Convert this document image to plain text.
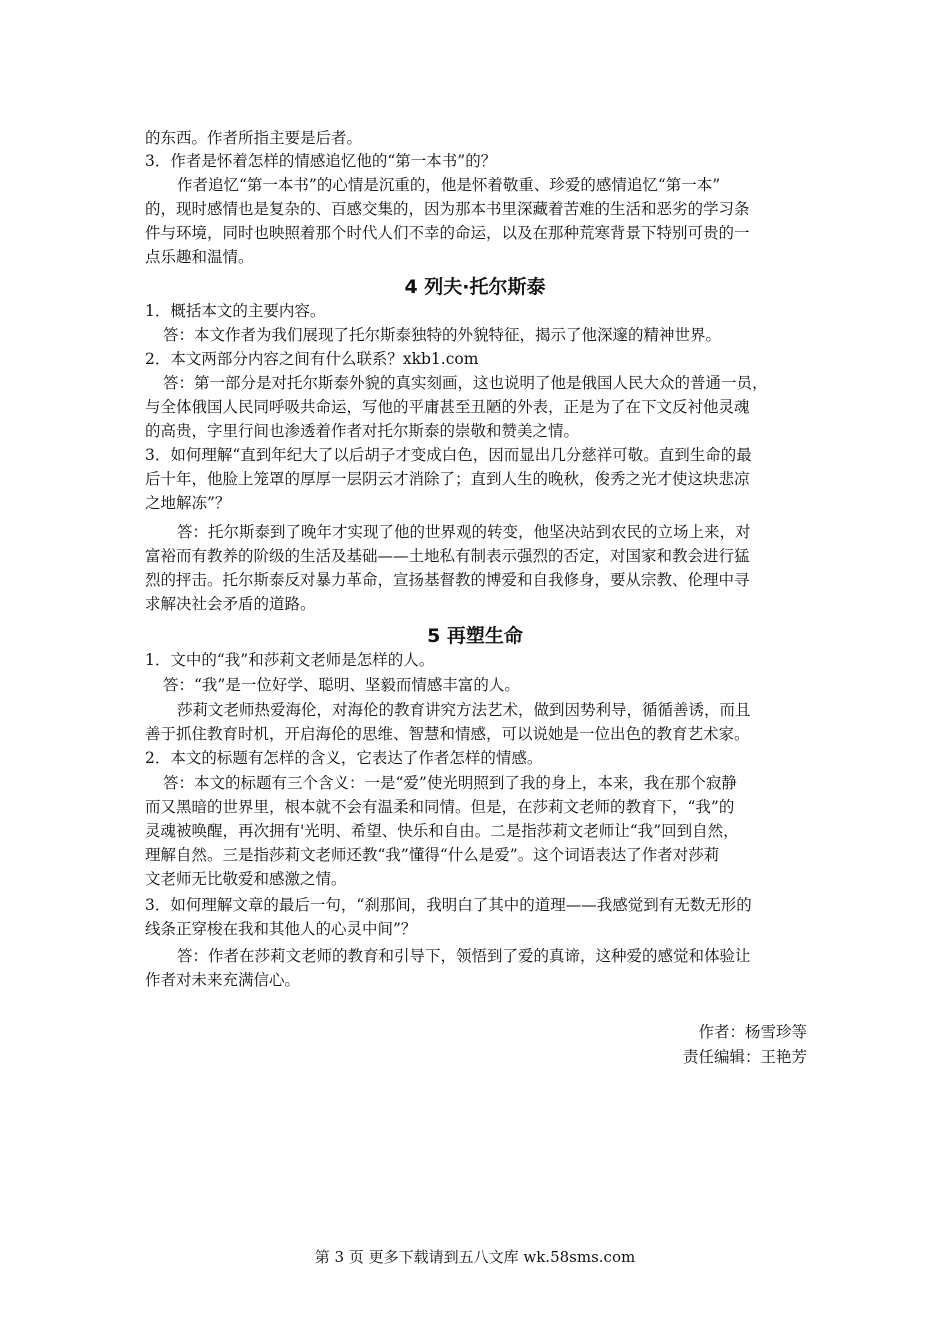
的东西。作者所指主要是后者。
3．作者是怀着怎样的情感追忆他的“第一本书”的？
作者追忆“第一本书”的心情是沉重的，他是怀着敬重、珍爱的感情追忆“第一本”
的，现时感情也是复杂的、百感交集的，因为那本书里深藏着苦难的生活和恶劣的学习条
件与环境，同时也映照着那个时代人们不幸的命运，以及在那种荒寒背景下特别可贵的一
点乐趣和温情。
4 列夫·托尔斯泰
1．概括本文的主要内容。
答：本文作者为我们展现了托尔斯泰独特的外貌特征，揭示了他深邃的精神世界。
2．本文两部分内容之间有什么联系？xkb1.com
答：第一部分是对托尔斯泰外貌的真实刻画，这也说明了他是俄国人民大众的普通一员，
与全体俄国人民同呼吸共命运，写他的平庸甚至丑陋的外表，正是为了在下文反衬他灵魂
的高贵，字里行间也渗透着作者对托尔斯泰的崇敬和赞美之情。
3．如何理解“直到年纪大了以后胡子才变成白色，因而显出几分慈祥可敬。直到生命的最
后十年，他脸上笼罩的厚厚一层阴云才消除了；直到人生的晚秋，俊秀之光才使这块悲凉
之地解冻”？
答：托尔斯泰到了晚年才实现了他的世界观的转变，他坚决站到农民的立场上来，对
富裕而有教养的阶级的生活及基础——土地私有制表示强烈的否定，对国家和教会进行猛
烈的抨击。托尔斯泰反对暴力革命，宣扬基督教的博爱和自我修身，要从宗教、伦理中寻
求解决社会矛盾的道路。
5 再塑生命
1．文中的“我”和莎莉文老师是怎样的人。
答：“我”是一位好学、聪明、坚毅而情感丰富的人。
莎莉文老师热爱海伦，对海伦的教育讲究方法艺术，做到因势利导，循循善诱，而且
善于抓住教育时机，开启海伦的思维、智慧和情感，可以说她是一位出色的教育艺术家。
2．本文的标题有怎样的含义，它表达了作者怎样的情感。
答：本文的标题有三个含义：一是“爱”使光明照到了我的身上，本来，我在那个寂静
而又黑暗的世界里，根本就不会有温柔和同情。但是，在莎莉文老师的教育下，“我”的
灵魂被唤醒，再次拥有'光明、希望、快乐和自由。二是指莎莉文老师让“我”回到自然，
理解自然。三是指莎莉文老师还教“我”懂得“什么是爱”。这个词语表达了作者对莎莉
文老师无比敬爱和感激之情。
3．如何理解文章的最后一句，“刹那间，我明白了其中的道理——我感觉到有无数无形的
线条正穿梭在我和其他人的心灵中间”？
答：作者在莎莉文老师的教育和引导下，领悟到了爱的真谛，这种爱的感觉和体验让
作者对未来充满信心。
作者：杨雪珍等
责任编辑：王艳芳
第 3 页 更多下载请到五八文库 wk.58sms.com
